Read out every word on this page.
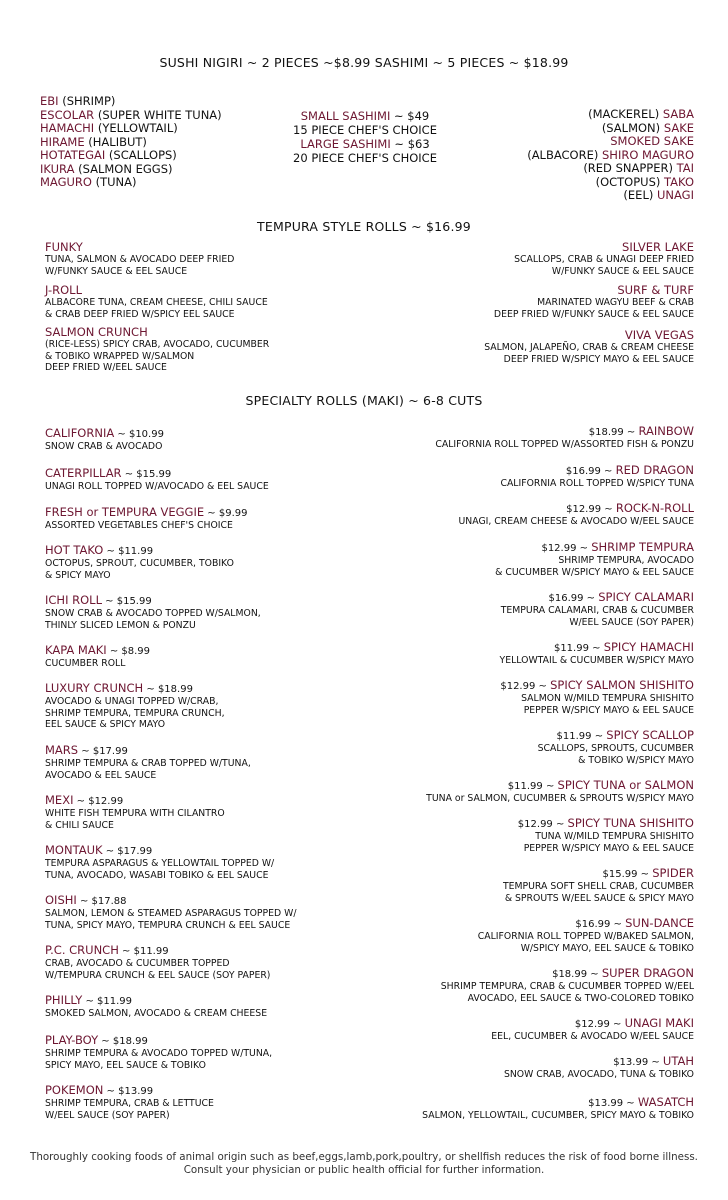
SUSHI NIGIRI ~ 2 PIECES ~$8.99 SASHIMI ~ 5 PIECES ~ $18.99
EBI (SHRIMP)
ESCOLAR (SUPER WHITE TUNA)
HAMACHI (YELLOWTAIL)
HIRAME (HALIBUT)
HOTATEGAI (SCALLOPS)
IKURA (SALMON EGGS)
MAGURO (TUNA)
SMALL SASHIMI ~ $49
15 PIECE CHEF'S CHOICE
LARGE SASHIMI ~ $63
20 PIECE CHEF'S CHOICE
(MACKEREL) SABA
(SALMON) SAKE
SMOKED SAKE
(ALBACORE) SHIRO MAGURO
(RED SNAPPER) TAI
(OCTOPUS) TAKO
(EEL) UNAGI
TEMPURA STYLE ROLLS ~ $16.99
FUNKY
TUNA, SALMON & AVOCADO DEEP FRIED
W/FUNKY SAUCE & EEL SAUCE
J-ROLL
ALBACORE TUNA, CREAM CHEESE, CHILI SAUCE
& CRAB DEEP FRIED W/SPICY EEL SAUCE
SALMON CRUNCH
(RICE-LESS) SPICY CRAB, AVOCADO, CUCUMBER
& TOBIKO WRAPPED W/SALMON
DEEP FRIED W/EEL SAUCE
SILVER LAKE
SCALLOPS, CRAB & UNAGI DEEP FRIED
W/FUNKY SAUCE & EEL SAUCE
SURF & TURF
MARINATED WAGYU BEEF & CRAB
DEEP FRIED W/FUNKY SAUCE & EEL SAUCE
VIVA VEGAS
SALMON, JALAPEÑO, CRAB & CREAM CHEESE
DEEP FRIED W/SPICY MAYO & EEL SAUCE
SPECIALTY ROLLS (MAKI) ~ 6-8 CUTS
CALIFORNIA ~ $10.99
SNOW CRAB & AVOCADO
CATERPILLAR ~ $15.99
UNAGI ROLL TOPPED W/AVOCADO & EEL SAUCE
FRESH or TEMPURA VEGGIE ~ $9.99
ASSORTED VEGETABLES CHEF'S CHOICE
HOT TAKO ~ $11.99
OCTOPUS, SPROUT, CUCUMBER, TOBIKO
& SPICY MAYO
ICHI ROLL ~ $15.99
SNOW CRAB & AVOCADO TOPPED W/SALMON,
THINLY SLICED LEMON & PONZU
KAPA MAKI ~ $8.99
CUCUMBER ROLL
LUXURY CRUNCH ~ $18.99
AVOCADO & UNAGI TOPPED W/CRAB,
SHRIMP TEMPURA, TEMPURA CRUNCH,
EEL SAUCE & SPICY MAYO
MARS ~ $17.99
SHRIMP TEMPURA & CRAB TOPPED W/TUNA,
AVOCADO & EEL SAUCE
MEXI ~ $12.99
WHITE FISH TEMPURA WITH CILANTRO
& CHILI SAUCE
MONTAUK ~ $17.99
TEMPURA ASPARAGUS & YELLOWTAIL TOPPED W/
TUNA, AVOCADO, WASABI TOBIKO & EEL SAUCE
OISHI ~ $17.88
SALMON, LEMON & STEAMED ASPARAGUS TOPPED W/
TUNA, SPICY MAYO, TEMPURA CRUNCH & EEL SAUCE
P.C. CRUNCH ~ $11.99
CRAB, AVOCADO & CUCUMBER TOPPED
W/TEMPURA CRUNCH & EEL SAUCE (SOY PAPER)
PHILLY ~ $11.99
SMOKED SALMON, AVOCADO & CREAM CHEESE
PLAY-BOY ~ $18.99
SHRIMP TEMPURA & AVOCADO TOPPED W/TUNA,
SPICY MAYO, EEL SAUCE & TOBIKO
POKEMON ~ $13.99
SHRIMP TEMPURA, CRAB & LETTUCE
W/EEL SAUCE (SOY PAPER)
$18.99 ~ RAINBOW
CALIFORNIA ROLL TOPPED W/ASSORTED FISH & PONZU
$16.99 ~ RED DRAGON
CALIFORNIA ROLL TOPPED W/SPICY TUNA
$12.99 ~ ROCK-N-ROLL
UNAGI, CREAM CHEESE & AVOCADO W/EEL SAUCE
$12.99 ~ SHRIMP TEMPURA
SHRIMP TEMPURA, AVOCADO
& CUCUMBER W/SPICY MAYO & EEL SAUCE
$16.99 ~ SPICY CALAMARI
TEMPURA CALAMARI, CRAB & CUCUMBER
W/EEL SAUCE (SOY PAPER)
$11.99 ~ SPICY HAMACHI
YELLOWTAIL & CUCUMBER W/SPICY MAYO
$12.99 ~ SPICY SALMON SHISHITO
SALMON W/MILD TEMPURA SHISHITO
PEPPER W/SPICY MAYO & EEL SAUCE
$11.99 ~ SPICY SCALLOP
SCALLOPS, SPROUTS, CUCUMBER
& TOBIKO W/SPICY MAYO
$11.99 ~ SPICY TUNA or SALMON
TUNA or SALMON, CUCUMBER & SPROUTS W/SPICY MAYO
$12.99 ~ SPICY TUNA SHISHITO
TUNA W/MILD TEMPURA SHISHITO
PEPPER W/SPICY MAYO & EEL SAUCE
$15.99 ~ SPIDER
TEMPURA SOFT SHELL CRAB, CUCUMBER
& SPROUTS W/EEL SAUCE & SPICY MAYO
$16.99 ~ SUN-DANCE
CALIFORNIA ROLL TOPPED W/BAKED SALMON,
W/SPICY MAYO, EEL SAUCE & TOBIKO
$18.99 ~ SUPER DRAGON
SHRIMP TEMPURA, CRAB & CUCUMBER TOPPED W/EEL
AVOCADO, EEL SAUCE & TWO-COLORED TOBIKO
$12.99 ~ UNAGI MAKI
EEL, CUCUMBER & AVOCADO W/EEL SAUCE
$13.99 ~ UTAH
SNOW CRAB, AVOCADO, TUNA & TOBIKO
$13.99 ~ WASATCH
SALMON, YELLOWTAIL, CUCUMBER, SPICY MAYO & TOBIKO
Thoroughly cooking foods of animal origin such as beef,eggs,lamb,pork,poultry, or shellfish reduces the risk of food borne illness.
Consult your physician or public health official for further information.
